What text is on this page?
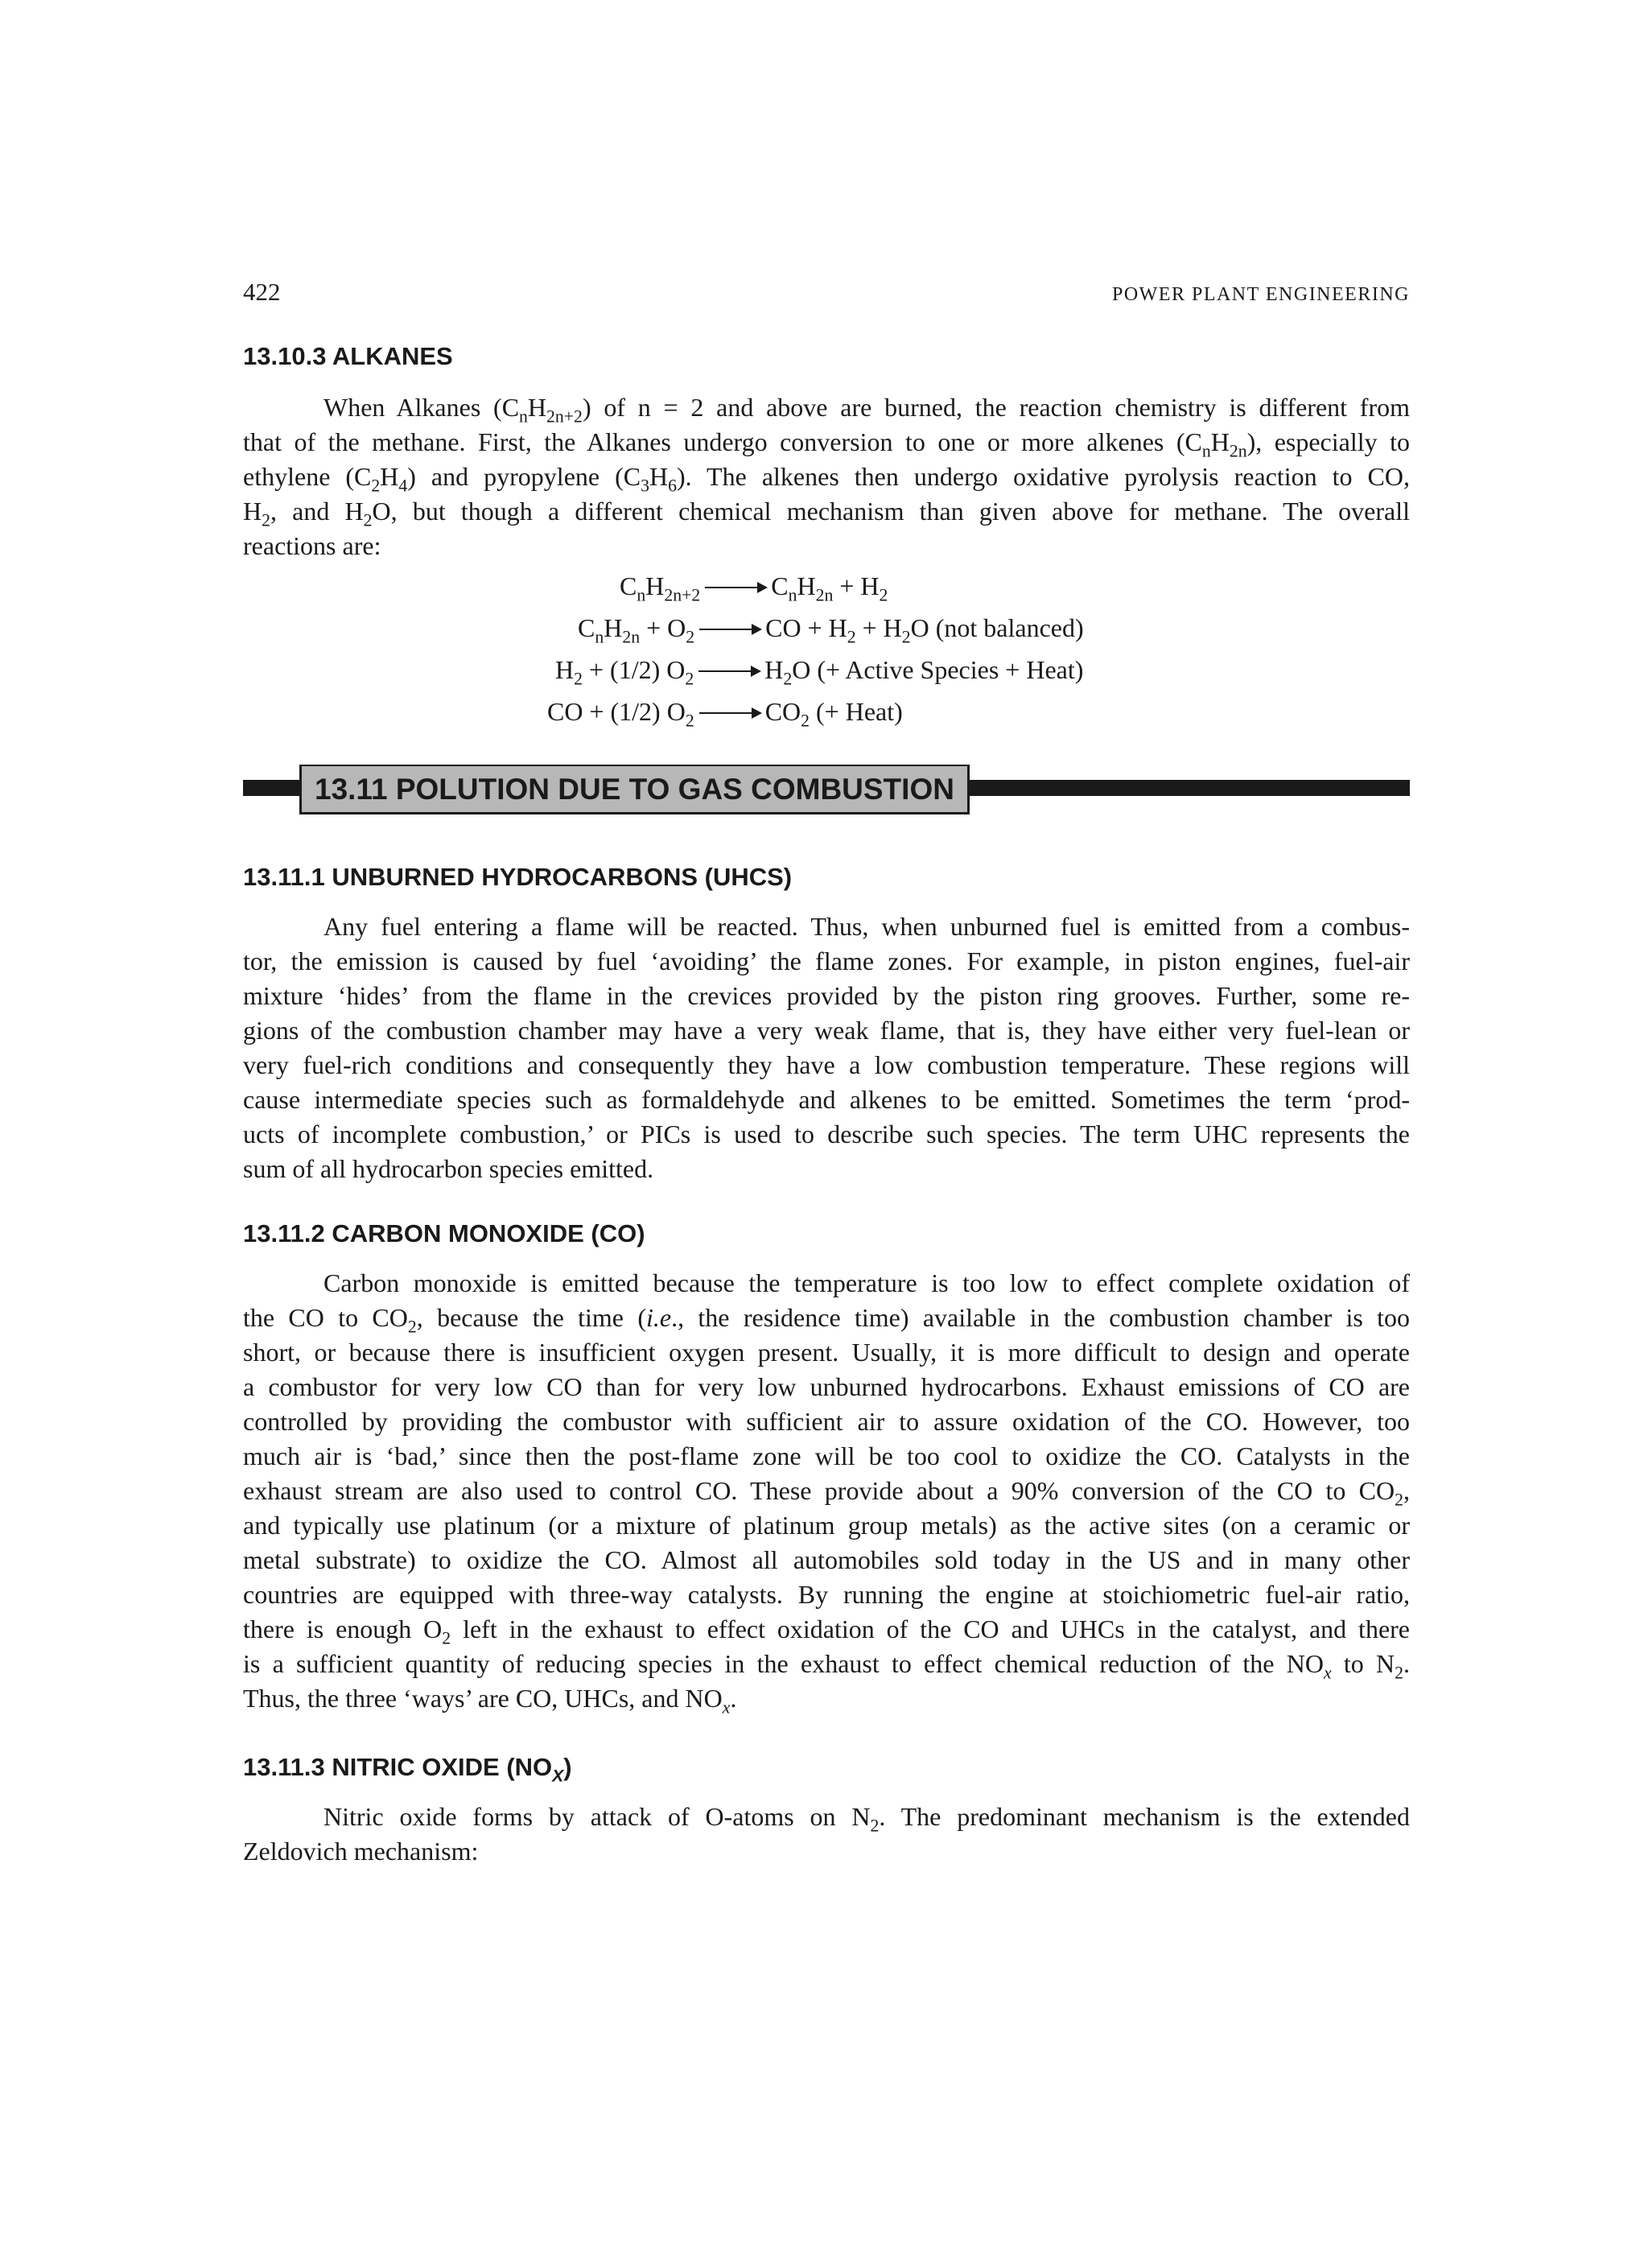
422	POWER PLANT ENGINEERING
13.10.3 ALKANES
When Alkanes $(C_nH_{2n+2})$ of n = 2 and above are burned, the reaction chemistry is different from
that of the methane. First, the Alkanes undergo conversion to one or more alkenes $(C_nH_{2n})$, especially to
ethylene $(C_2H_4)$ and pyropylene $(C_3H_6)$. The alkenes then undergo oxidative pyrolysis reaction to CO,
$H_2$, and $H_2O$, but though a different chemical mechanism than given above for methane. The overall
reactions are:
$C_nH_{2n+2}$	$C_nH_{2n} + H_2$
$C_nH_{2n} + O_2$	CO + $H_2 + H_2O$ (not balanced)
$H_2 + (1/2)$ $O_2$	$H_2O$ (+ Active Species + Heat)
CO + (1/2) $O_2$	$CO_2$ (+ Heat)
13.11 POLUTION DUE TO GAS COMBUSTION
13.11.1 UNBURNED HYDROCARBONS (UHCS)
Any fuel entering a flame will be reacted. Thus, when unburned fuel is emitted from a combus-
tor, the emission is caused by fuel ‘avoiding’ the flame zones. For example, in piston engines, fuel-air
mixture ‘hides’ from the flame in the crevices provided by the piston ring grooves. Further, some re-
gions of the combustion chamber may have a very weak flame, that is, they have either very fuel-lean or
very fuel-rich conditions and consequently they have a low combustion temperature. These regions will
cause intermediate species such as formaldehyde and alkenes to be emitted. Sometimes the term ‘prod-
ucts of incomplete combustion,’ or PICs is used to describe such species. The term UHC represents the
sum of all hydrocarbon species emitted.
13.11.2 CARBON MONOXIDE (CO)
Carbon monoxide is emitted because the temperature is too low to effect complete oxidation of
the CO to $CO_2$, because the time (i.e., the residence time) available in the combustion chamber is too
short, or because there is insufficient oxygen present. Usually, it is more difficult to design and operate
a combustor for very low CO than for very low unburned hydrocarbons. Exhaust emissions of CO are
controlled by providing the combustor with sufficient air to assure oxidation of the CO. However, too
much air is ‘bad,’ since then the post-flame zone will be too cool to oxidize the CO. Catalysts in the
exhaust stream are also used to control CO. These provide about a 90% conversion of the CO to $CO_2$,
and typically use platinum (or a mixture of platinum group metals) as the active sites (on a ceramic or
metal substrate) to oxidize the CO. Almost all automobiles sold today in the US and in many other
countries are equipped with three-way catalysts. By running the engine at stoichiometric fuel-air ratio,
there is enough $O_2$ left in the exhaust to effect oxidation of the CO and UHCs in the catalyst, and there
is a sufficient quantity of reducing species in the exhaust to effect chemical reduction of the $NO_x$ to $N_2$.
Thus, the three ‘ways’ are CO, UHCs, and $NO_x$.
13.11.3 NITRIC OXIDE $(NO_X)$
Nitric oxide forms by attack of O-atoms on $N_2$. The predominant mechanism is the extended
Zeldovich mechanism:
